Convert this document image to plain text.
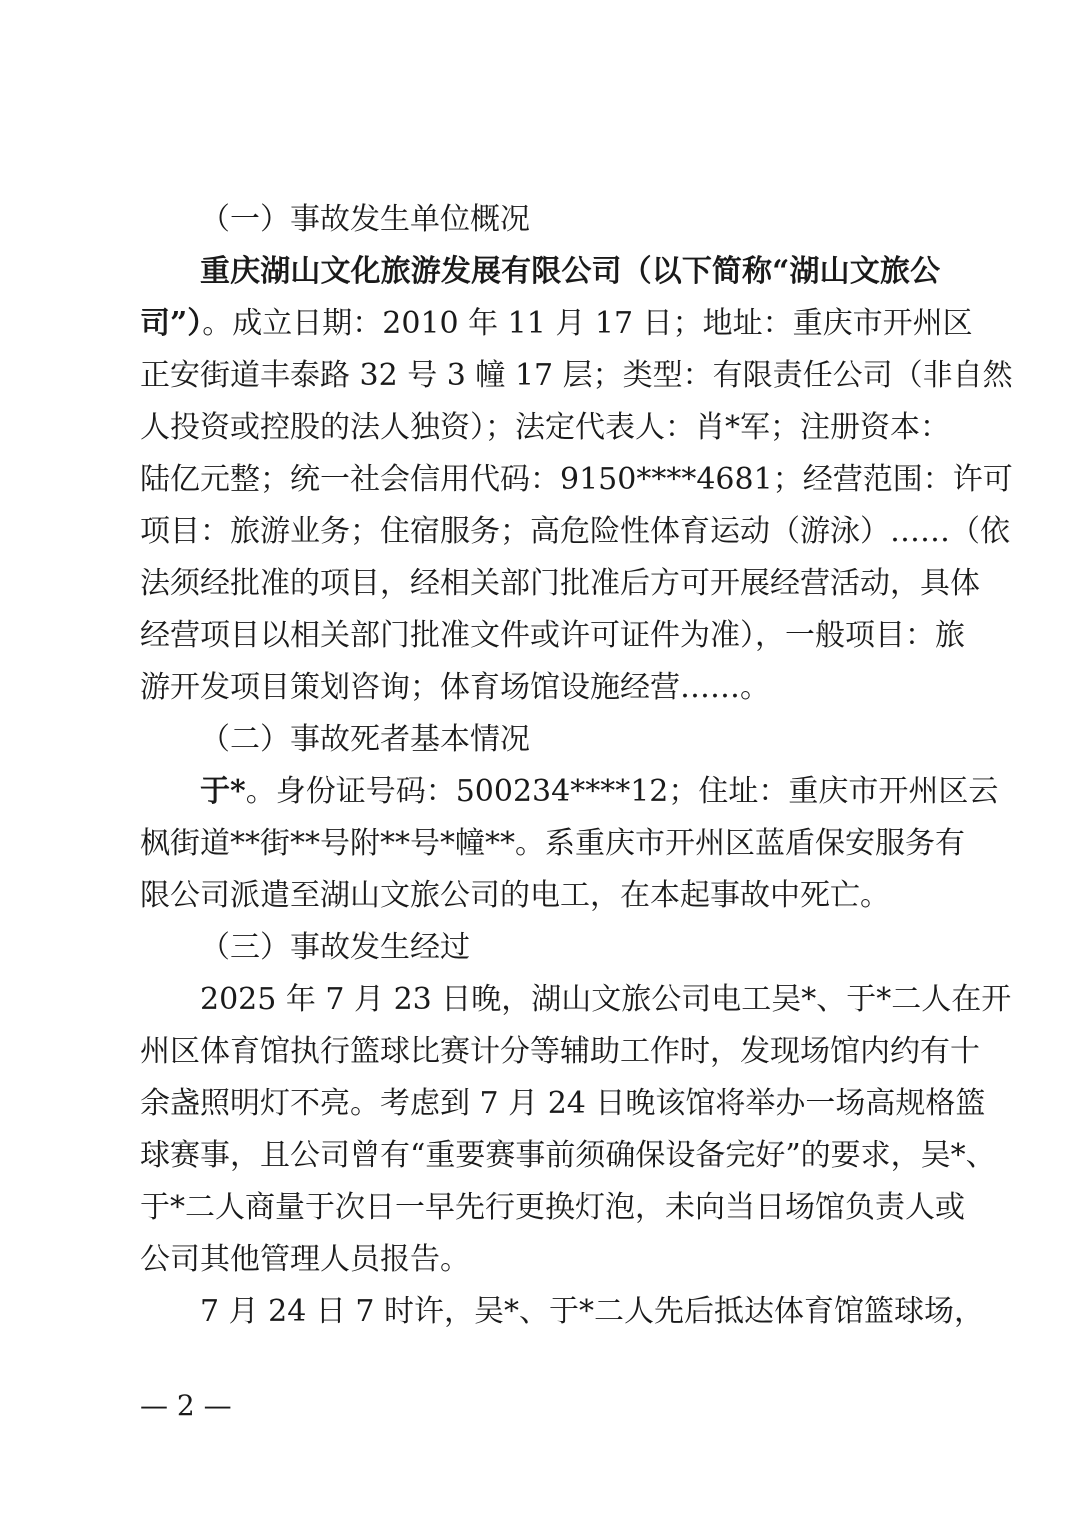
（一）事故发生单位概况
重庆湖山文化旅游发展有限公司（以下简称“湖山文旅公
司”）。成立日期：2010 年 11 月 17 日；地址：重庆市开州区
正安街道丰泰路 32 号 3 幢 17 层；类型：有限责任公司（非自然
人投资或控股的法人独资）；法定代表人：肖*军；注册资本：
陆亿元整；统一社会信用代码：9150****4681；经营范围：许可
项目：旅游业务；住宿服务；高危险性体育运动（游泳）……（依
法须经批准的项目，经相关部门批准后方可开展经营活动，具体
经营项目以相关部门批准文件或许可证件为准），一般项目：旅
游开发项目策划咨询；体育场馆设施经营……。
（二）事故死者基本情况
于*。身份证号码：500234****12；住址：重庆市开州区云
枫街道**街**号附**号*幢**。系重庆市开州区蓝盾保安服务有
限公司派遣至湖山文旅公司的电工，在本起事故中死亡。
（三）事故发生经过
2025 年 7 月 23 日晚，湖山文旅公司电工吴*、于*二人在开
州区体育馆执行篮球比赛计分等辅助工作时，发现场馆内约有十
余盏照明灯不亮。考虑到 7 月 24 日晚该馆将举办一场高规格篮
球赛事，且公司曾有“重要赛事前须确保设备完好”的要求，吴*、
于*二人商量于次日一早先行更换灯泡，未向当日场馆负责人或
公司其他管理人员报告。
7 月 24 日 7 时许，吴*、于*二人先后抵达体育馆篮球场，
— 2 —
